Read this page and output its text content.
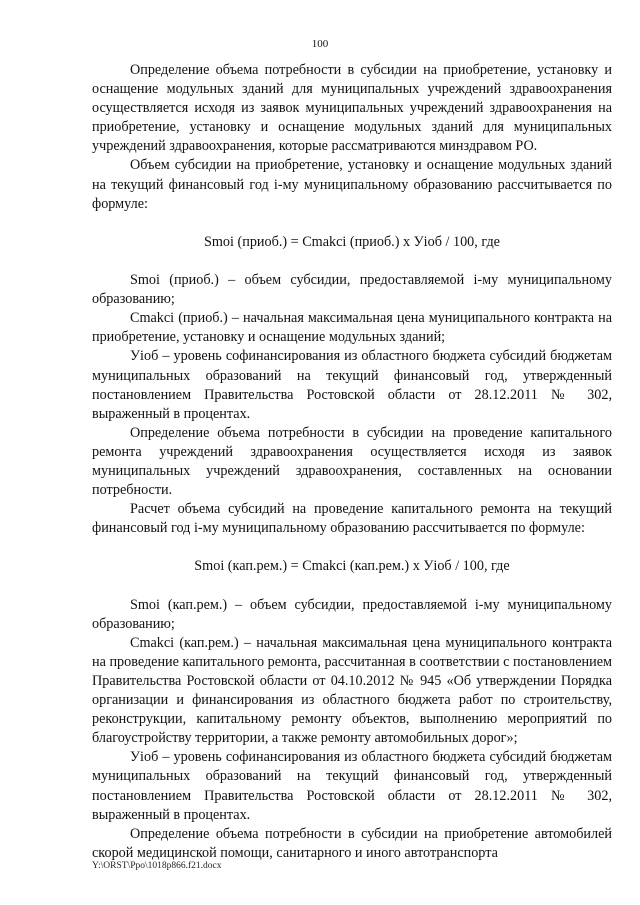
100

Определение объема потребности в субсидии на приобретение, установку и оснащение модульных зданий для муниципальных учреждений здравоохранения осуществляется исходя из заявок муниципальных учреждений здравоохранения на приобретение, установку и оснащение модульных зданий для муниципальных учреждений здравоохранения, которые рассматриваются минздравом РО.

Объем субсидии на приобретение, установку и оснащение модульных зданий на текущий финансовый год i-му муниципальному образованию рассчитывается по формуле:

Smoi (приоб.) = Cmakci (приоб.) х Уiоб / 100, где

Smoi (приоб.) – объем субсидии, предоставляемой i-му муниципальному образованию;

Cmakci (приоб.) – начальная максимальная цена муниципального контракта на приобретение, установку и оснащение модульных зданий;

Уiоб – уровень софинансирования из областного бюджета субсидий бюджетам муниципальных образований на текущий финансовый год, утвержденный постановлением Правительства Ростовской области от 28.12.2011 № 302, выраженный в процентах.

Определение объема потребности в субсидии на проведение капитального ремонта учреждений здравоохранения осуществляется исходя из заявок муниципальных учреждений здравоохранения, составленных на основании потребности.

Расчет объема субсидий на проведение капитального ремонта на текущий финансовый год i-му муниципальному образованию рассчитывается по формуле:

Smoi (кап.рем.) = Cmakci (кап.рем.) х Уiоб / 100, где

Smoi (кап.рем.) – объем субсидии, предоставляемой i-му муниципальному образованию;

Cmakci (кап.рем.) – начальная максимальная цена муниципального контракта на проведение капитального ремонта, рассчитанная в соответствии с постановлением Правительства Ростовской области от 04.10.2012 № 945 «Об утверждении Порядка организации и финансирования из областного бюджета работ по строительству, реконструкции, капитальному ремонту объектов, выполнению мероприятий по благоустройству территории, а также ремонту автомобильных дорог»;

Уiоб – уровень софинансирования из областного бюджета субсидий бюджетам муниципальных образований на текущий финансовый год, утвержденный постановлением Правительства Ростовской области от 28.12.2011 № 302, выраженный в процентах.

Определение объема потребности в субсидии на приобретение автомобилей скорой медицинской помощи, санитарного и иного автотранспорта

Y:\ORST\Ppo\1018p866.f21.docx
